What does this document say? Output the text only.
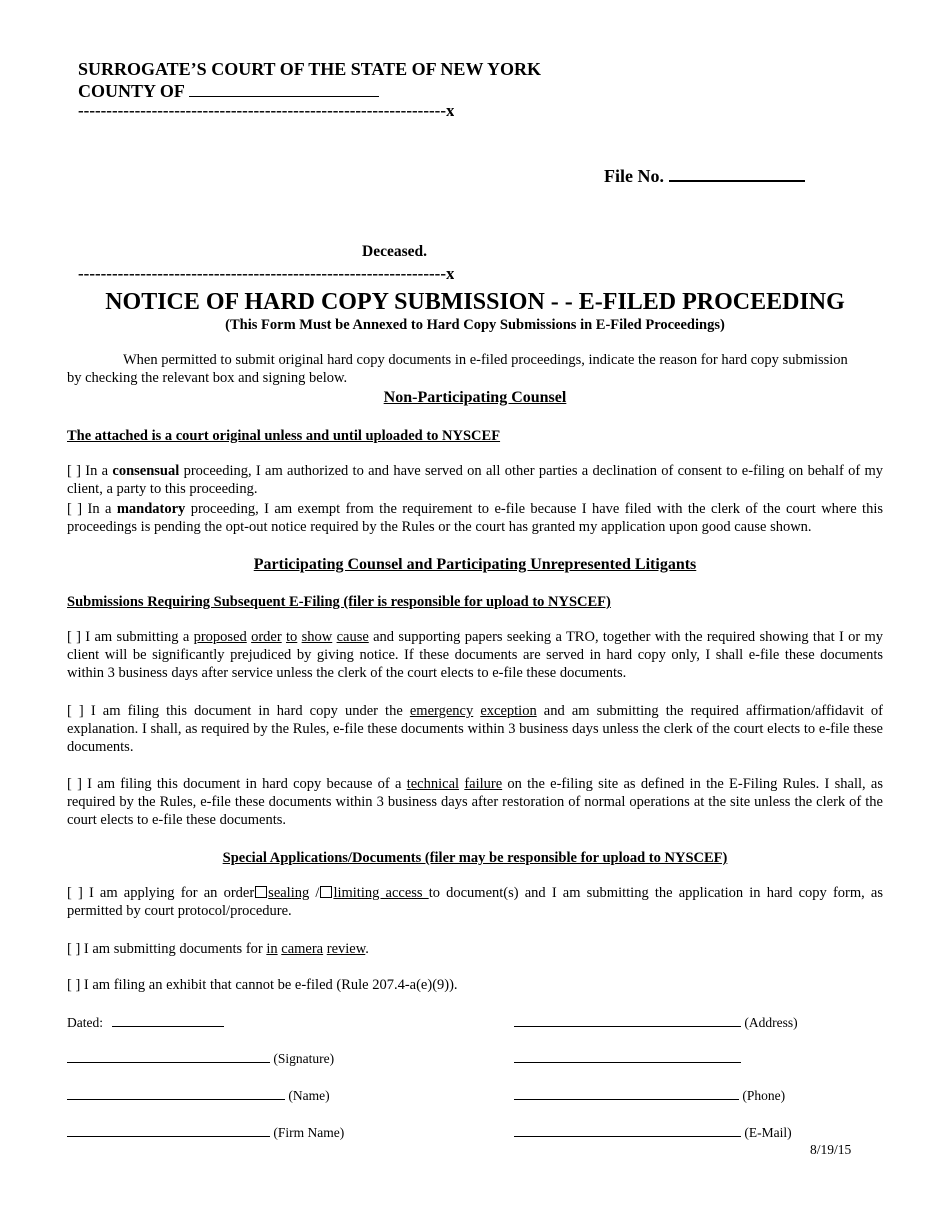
SURROGATE’S COURT OF THE STATE OF NEW YORK
COUNTY OF
-----------------------------------------------------------------x
File No.
Deceased.
-----------------------------------------------------------------x
NOTICE OF HARD COPY SUBMISSION - - E-FILED PROCEEDING
(This Form Must be Annexed to Hard Copy Submissions in E-Filed Proceedings)
When permitted to submit original hard copy documents in e-filed proceedings, indicate the reason for hard copy submission
by checking the relevant box and signing below.
Non-Participating Counsel
The attached is a court original unless and until uploaded to NYSCEF
[ ] In a consensual proceeding, I am authorized to and have served on all other parties a declination of consent to e-filing on behalf of my client, a party to this proceeding.
[ ] In a mandatory proceeding, I am exempt from the requirement to e-file because I have filed with the clerk of the court where this proceedings is pending the opt-out notice required by the Rules or the court has granted my application upon good cause shown.
Participating Counsel and Participating Unrepresented Litigants
Submissions Requiring Subsequent E-Filing (filer is responsible for upload to NYSCEF)
[ ] I am submitting a proposed order to show cause and supporting papers seeking a TRO, together with the required showing that I or my client will be significantly prejudiced by giving notice. If these documents are served in hard copy only, I shall e-file these documents within 3 business days after service unless the clerk of the court elects to e-file these documents.
[ ] I am filing this document in hard copy under the emergency exception and am submitting the required affirmation/affidavit of explanation. I shall, as required by the Rules, e-file these documents within 3 business days unless the clerk of the court elects to e-file these documents.
[ ] I am filing this document in hard copy because of a technical failure on the e-filing site as defined in the E-Filing Rules. I shall, as required by the Rules, e-file these documents within 3 business days after restoration of normal operations at the site unless the clerk of the court elects to e-file these documents.
Special Applications/Documents (filer may be responsible for upload to NYSCEF)
[ ] I am applying for an order sealing / limiting access to document(s) and I am submitting the application in hard copy form, as permitted by court protocol/procedure.
[ ] I am submitting documents for in camera review.
[ ] I am filing an exhibit that cannot be e-filed (Rule 207.4-a(e)(9)).
Dated:
(Signature)
(Name)
(Firm Name)
(Address)
(Phone)
(E-Mail)
8/19/15
